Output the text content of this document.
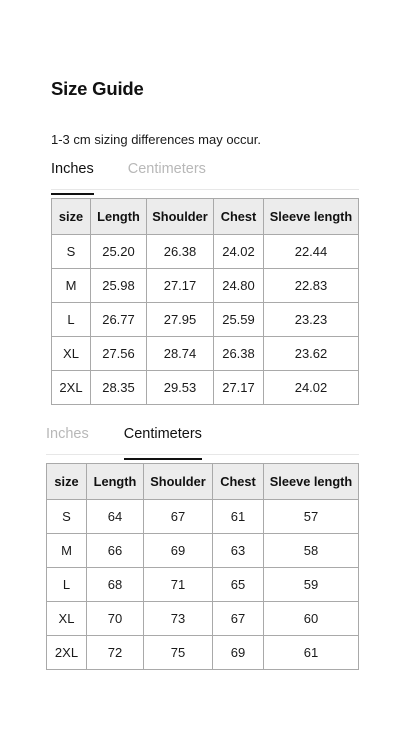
Size Guide
1-3 cm sizing differences may occur.
Inches Centimeters
size	Length	Shoulder	Chest	Sleeve length
S	25.20	26.38	24.02	22.44
M	25.98	27.17	24.80	22.83
L	26.77	27.95	25.59	23.23
XL	27.56	28.74	26.38	23.62
2XL	28.35	29.53	27.17	24.02
Inches Centimeters
size	Length	Shoulder	Chest	Sleeve length
S	64	67	61	57
M	66	69	63	58
L	68	71	65	59
XL	70	73	67	60
2XL	72	75	69	61
